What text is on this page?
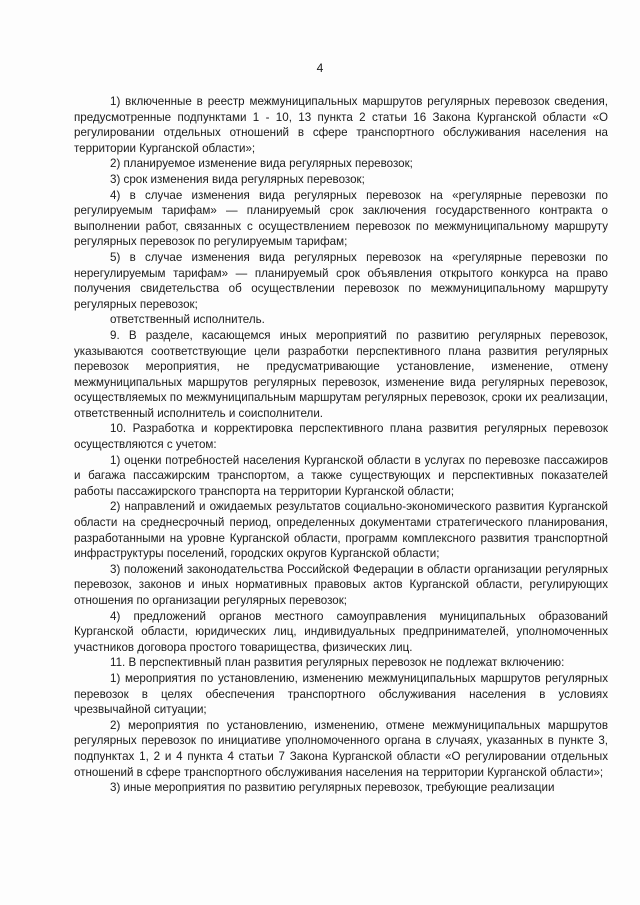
4

1) включенные в реестр межмуниципальных маршрутов регулярных перевозок сведения, предусмотренные подпунктами 1 - 10, 13 пункта 2 статьи 16 Закона Курганской области «О регулировании отдельных отношений в сфере транспортного обслуживания населения на территории Курганской области»;

2) планируемое изменение вида регулярных перевозок;

3) срок изменения вида регулярных перевозок;

4) в случае изменения вида регулярных перевозок на «регулярные перевозки по регулируемым тарифам» — планируемый срок заключения государственного контракта о выполнении работ, связанных с осуществлением перевозок по межмуниципальному маршруту регулярных перевозок по регулируемым тарифам;

5) в случае изменения вида регулярных перевозок на «регулярные перевозки по нерегулируемым тарифам» — планируемый срок объявления открытого конкурса на право получения свидетельства об осуществлении перевозок по межмуниципальному маршруту регулярных перевозок;

ответственный исполнитель.

9. В разделе, касающемся иных мероприятий по развитию регулярных перевозок, указываются соответствующие цели разработки перспективного плана развития регулярных перевозок мероприятия, не предусматривающие установление, изменение, отмену межмуниципальных маршрутов регулярных перевозок, изменение вида регулярных перевозок, осуществляемых по межмуниципальным маршрутам регулярных перевозок, сроки их реализации, ответственный исполнитель и соисполнители.

10. Разработка и корректировка перспективного плана развития регулярных перевозок осуществляются с учетом:

1) оценки потребностей населения Курганской области в услугах по перевозке пассажиров и багажа пассажирским транспортом, а также существующих и перспективных показателей работы пассажирского транспорта на территории Курганской области;

2) направлений и ожидаемых результатов социально-экономического развития Курганской области на среднесрочный период, определенных документами стратегического планирования, разработанными на уровне Курганской области, программ комплексного развития транспортной инфраструктуры поселений, городских округов Курганской области;

3) положений законодательства Российской Федерации в области организации регулярных перевозок, законов и иных нормативных правовых актов Курганской области, регулирующих отношения по организации регулярных перевозок;

4) предложений органов местного самоуправления муниципальных образований Курганской области, юридических лиц, индивидуальных предпринимателей, уполномоченных участников договора простого товарищества, физических лиц.

11. В перспективный план развития регулярных перевозок не подлежат включению:

1) мероприятия по установлению, изменению межмуниципальных маршрутов регулярных перевозок в целях обеспечения транспортного обслуживания населения в условиях чрезвычайной ситуации;

2) мероприятия по установлению, изменению, отмене межмуниципальных маршрутов регулярных перевозок по инициативе уполномоченного органа в случаях, указанных в пункте 3, подпунктах 1, 2 и 4 пункта 4 статьи 7 Закона Курганской области «О регулировании отдельных отношений в сфере транспортного обслуживания населения на территории Курганской области»;

3) иные мероприятия по развитию регулярных перевозок, требующие реализации
